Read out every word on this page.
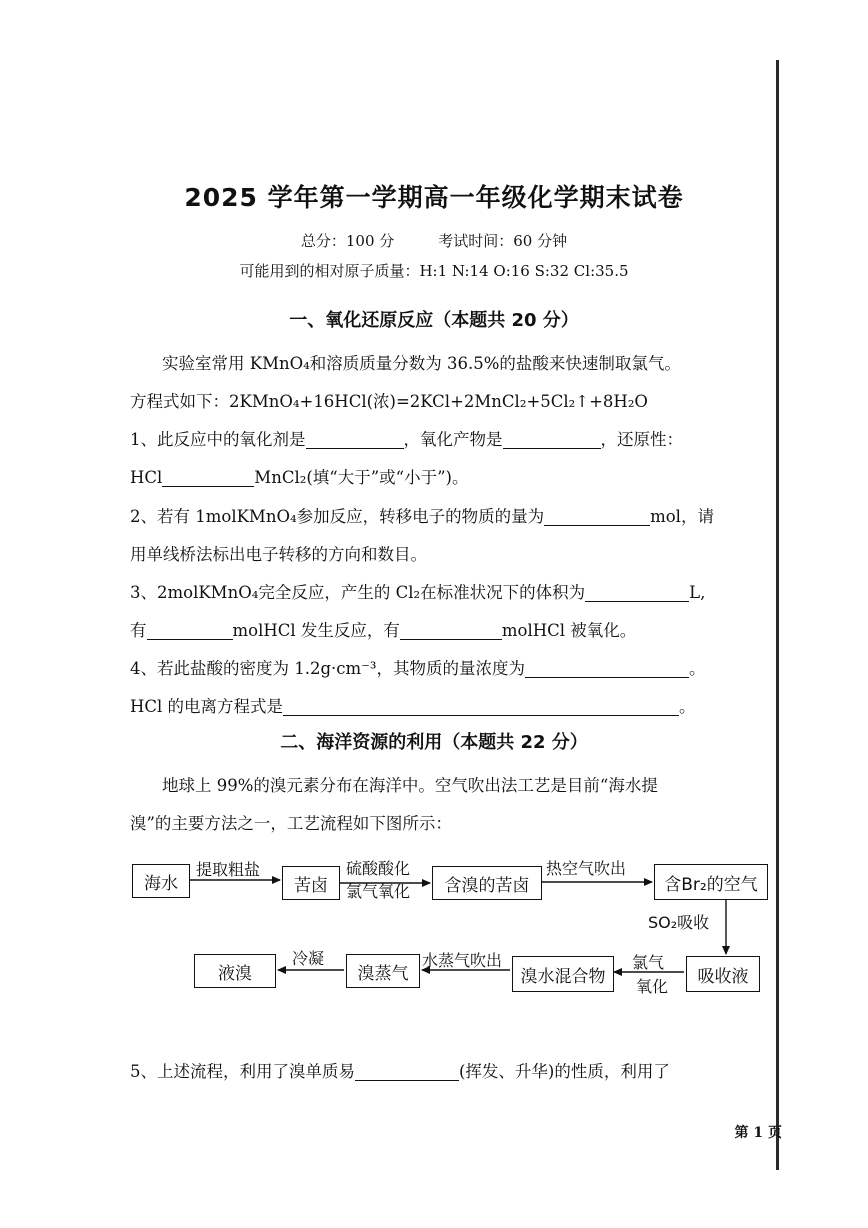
2025 学年第一学期高一年级化学期末试卷
总分：100 分	考试时间：60 分钟
可能用到的相对原子质量：H:1 N:14 O:16 S:32 Cl:35.5
一、氧化还原反应（本题共 20 分）
实验室常用 KMnO₄和溶质质量分数为 36.5%的盐酸来快速制取氯气。
方程式如下：2KMnO₄+16HCl(浓)=2KCl+2MnCl₂+5Cl₂↑+8H₂O
1、此反应中的氧化剂是	，氧化产物是	，还原性：
HCl	MnCl₂(填“大于”或“小于”)。
2、若有 1molKMnO₄参加反应，转移电子的物质的量为	mol，请
用单线桥法标出电子转移的方向和数目。
3、2molKMnO₄完全反应，产生的 Cl₂在标准状况下的体积为	L,
有	molHCl 发生反应，有	molHCl 被氧化。
4、若此盐酸的密度为 1.2g·cm⁻³，其物质的量浓度为	。
HCl 的电离方程式是	。
二、海洋资源的利用（本题共 22 分）
地球上 99%的溴元素分布在海洋中。空气吹出法工艺是目前“海水提
溴”的主要方法之一，工艺流程如下图所示：
海水
提取粗盐
苦卤
硫酸酸化
氯气氧化	含溴的苦卤
热空气吹出
含Br₂的空气
SO₂吸收
吸收液
氯气
氧化
溴水混合物
水蒸气吹出
溴蒸气
冷凝
液溴
5、上述流程，利用了溴单质易	(挥发、升华)的性质，利用了
第 1 页
